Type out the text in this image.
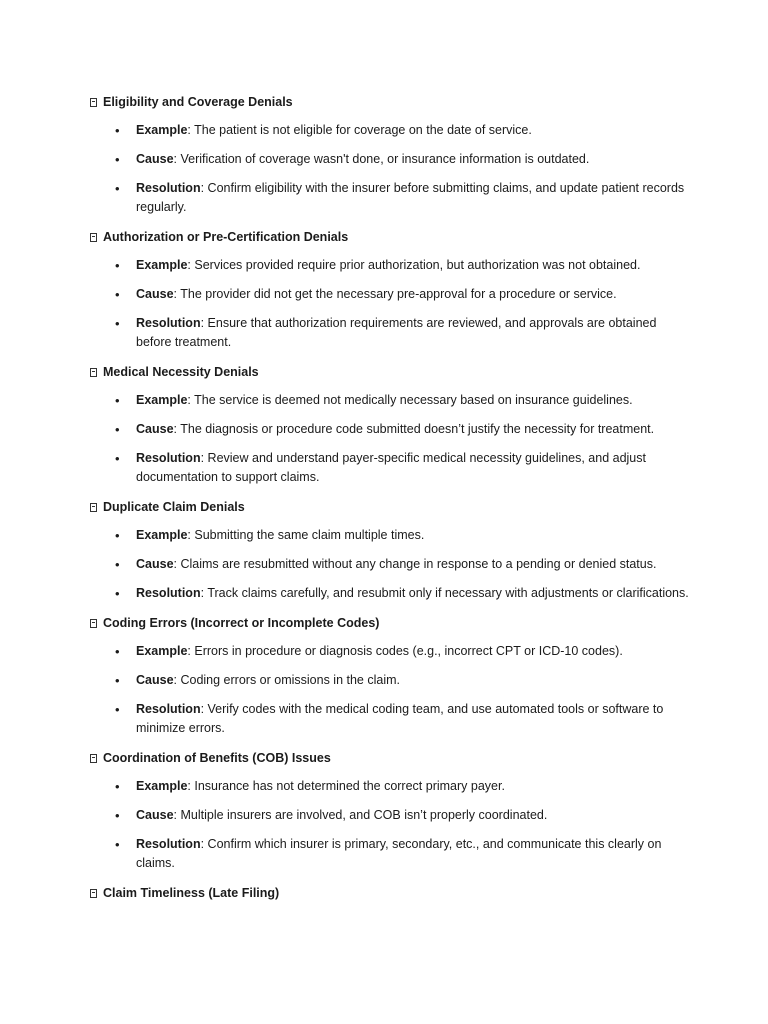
Eligibility and Coverage Denials
• Example: The patient is not eligible for coverage on the date of service.
• Cause: Verification of coverage wasn't done, or insurance information is outdated.
• Resolution: Confirm eligibility with the insurer before submitting claims, and update patient records regularly.
Authorization or Pre-Certification Denials
• Example: Services provided require prior authorization, but authorization was not obtained.
• Cause: The provider did not get the necessary pre-approval for a procedure or service.
• Resolution: Ensure that authorization requirements are reviewed, and approvals are obtained before treatment.
Medical Necessity Denials
• Example: The service is deemed not medically necessary based on insurance guidelines.
• Cause: The diagnosis or procedure code submitted doesn’t justify the necessity for treatment.
• Resolution: Review and understand payer-specific medical necessity guidelines, and adjust documentation to support claims.
Duplicate Claim Denials
• Example: Submitting the same claim multiple times.
• Cause: Claims are resubmitted without any change in response to a pending or denied status.
• Resolution: Track claims carefully, and resubmit only if necessary with adjustments or clarifications.
Coding Errors (Incorrect or Incomplete Codes)
• Example: Errors in procedure or diagnosis codes (e.g., incorrect CPT or ICD-10 codes).
• Cause: Coding errors or omissions in the claim.
• Resolution: Verify codes with the medical coding team, and use automated tools or software to minimize errors.
Coordination of Benefits (COB) Issues
• Example: Insurance has not determined the correct primary payer.
• Cause: Multiple insurers are involved, and COB isn’t properly coordinated.
• Resolution: Confirm which insurer is primary, secondary, etc., and communicate this clearly on claims.
Claim Timeliness (Late Filing)
